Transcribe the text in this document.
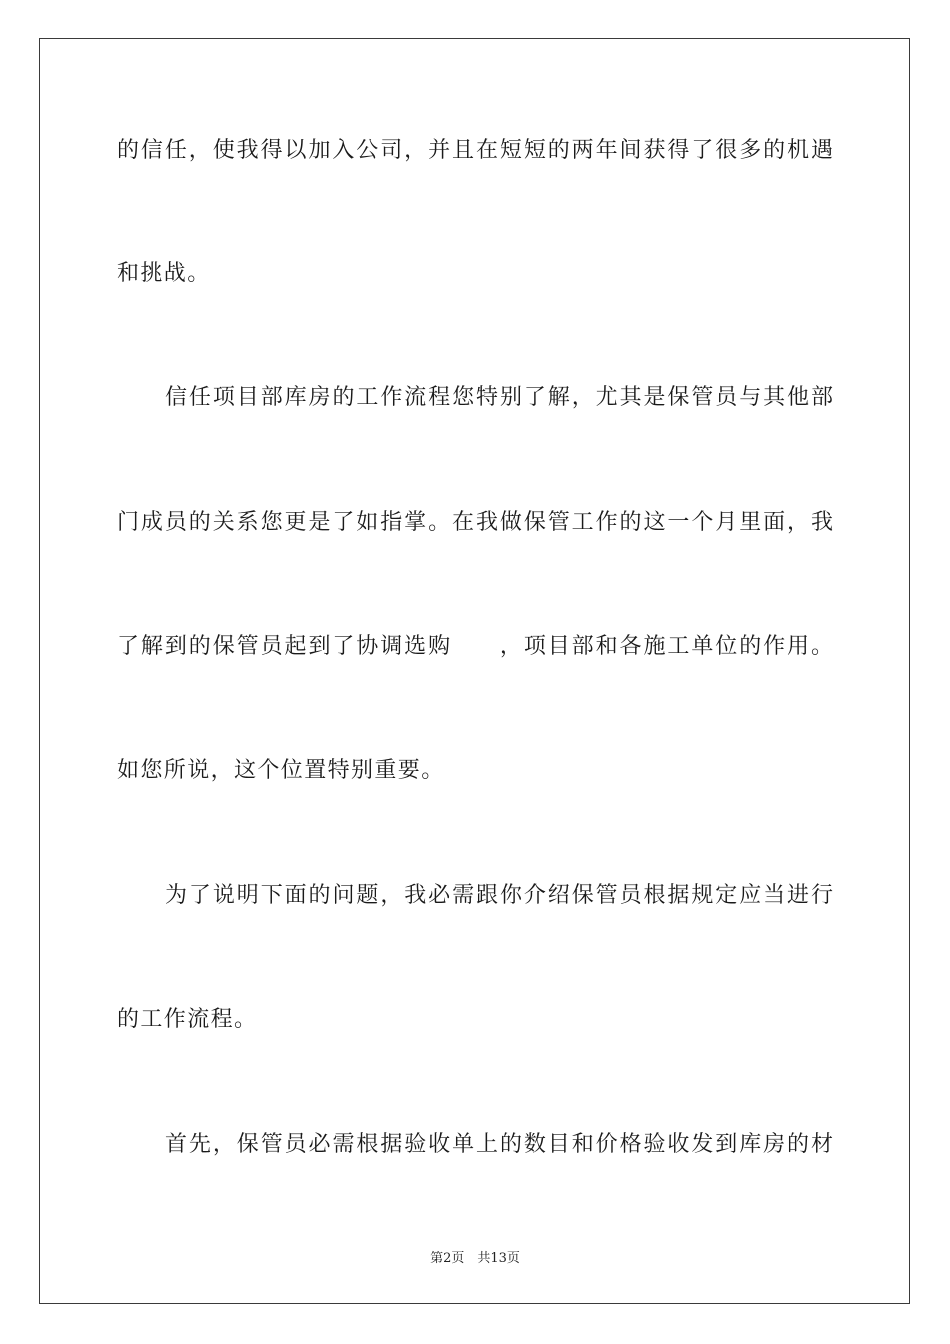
的信任，使我得以加入公司，并且在短短的两年间获得了很多的机遇
和挑战。
信任项目部库房的工作流程您特别了解，尤其是保管员与其他部
门成员的关系您更是了如指掌。在我做保管工作的这一个月里面，我
了解到的保管员起到了协调选购　　，项目部和各施工单位的作用。
如您所说，这个位置特别重要。
为了说明下面的问题，我必需跟你介绍保管员根据规定应当进行
的工作流程。
首先，保管员必需根据验收单上的数目和价格验收发到库房的材
第2页　共13页
